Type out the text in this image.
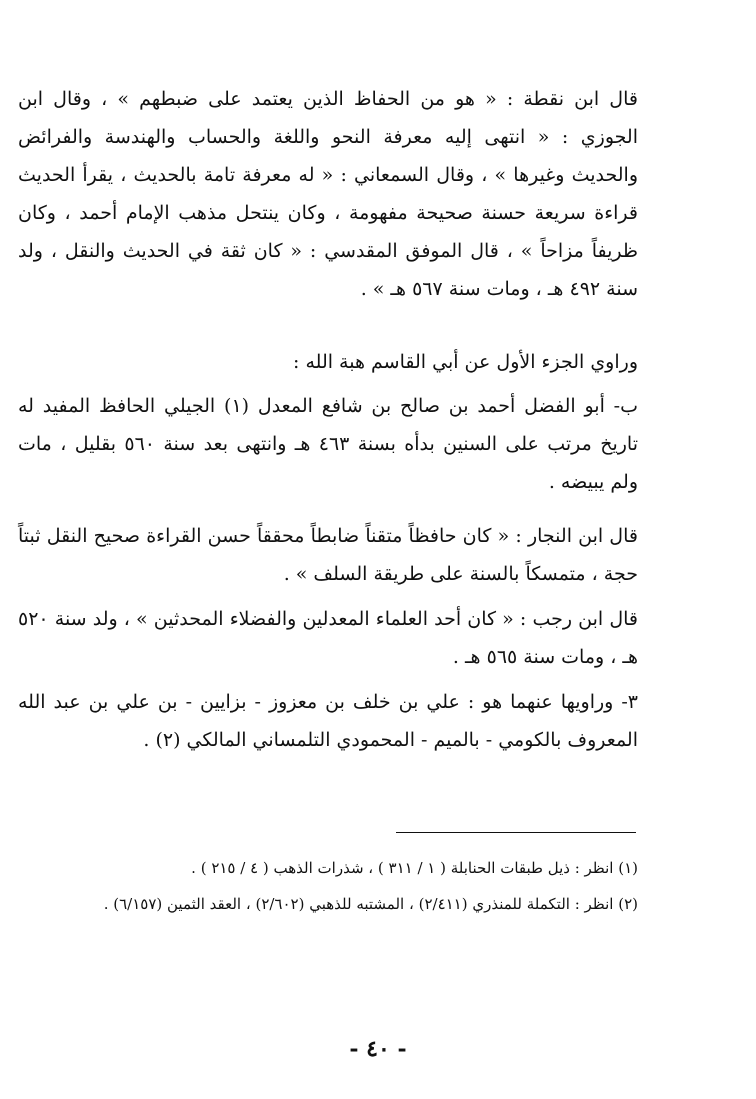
قال ابن نقطة : « هو من الحفاظ الذين يعتمد على ضبطهم » ، وقال ابن الجوزي : « انتهى إليه معرفة النحو واللغة والحساب والهندسة والفرائض والحديث وغيرها » ، وقال السمعاني : « له معرفة تامة بالحديث ، يقرأ الحديث قراءة سريعة حسنة صحيحة مفهومة ، وكان ينتحل مذهب الإمام أحمد ، وكان ظريفاً مزاحاً » ، قال الموفق المقدسي : « كان ثقة في الحديث والنقل ، ولد سنة ٤٩٢ هـ ، ومات سنة ٥٦٧ هـ » .
وراوي الجزء الأول عن أبي القاسم هبة الله :
ب- أبو الفضل أحمد بن صالح بن شافع المعدل (١) الجيلي الحافظ المفيد له تاريخ مرتب على السنين بدأه بسنة ٤٦٣ هـ وانتهى بعد سنة ٥٦٠ بقليل ، مات ولم يبيضه .
قال ابن النجار : « كان حافظاً متقناً ضابطاً محققاً حسن القراءة صحيح النقل ثبتاً حجة ، متمسكاً بالسنة على طريقة السلف » .
قال ابن رجب : « كان أحد العلماء المعدلين والفضلاء المحدثين » ، ولد سنة ٥٢٠ هـ ، ومات سنة ٥٦٥ هـ .
٣- وراويها عنهما هو : علي بن خلف بن معزوز - بزايين - بن علي بن عبد الله المعروف بالكومي - بالميم - المحمودي التلمساني المالكي (٢) .
(١) انظر : ذيل طبقات الحنابلة ( ١ / ٣١١ ) ، شذرات الذهب ( ٤ / ٢١٥ ) .
(٢) انظر : التكملة للمنذري (٢/٤١١) ، المشتبه للذهبي (٢/٦٠٢) ، العقد الثمين (٦/١٥٧) .
- ٤٠ -
